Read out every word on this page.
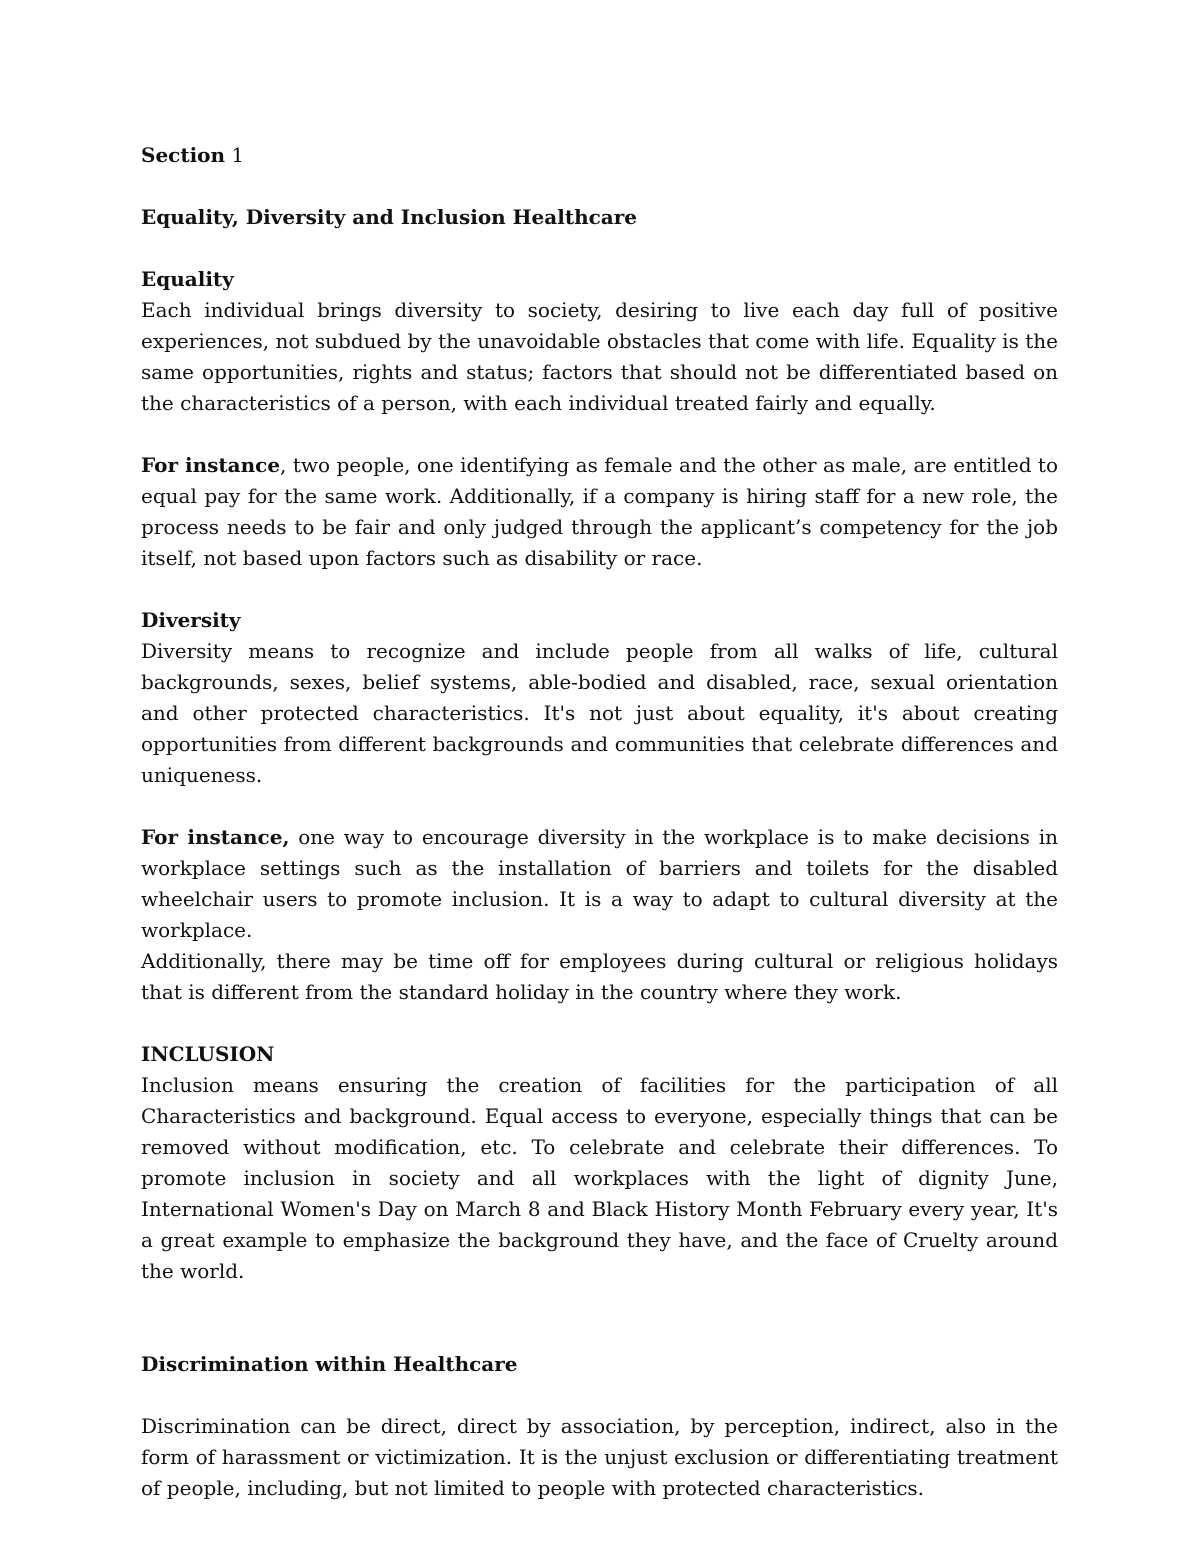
Section 1
Equality, Diversity and Inclusion Healthcare
Equality
Each individual brings diversity to society, desiring to live each day full of positive experiences, not subdued by the unavoidable obstacles that come with life. Equality is the same opportunities, rights and status; factors that should not be differentiated based on the characteristics of a person, with each individual treated fairly and equally.
For instance, two people, one identifying as female and the other as male, are entitled to equal pay for the same work. Additionally, if a company is hiring staff for a new role, the process needs to be fair and only judged through the applicant’s competency for the job itself, not based upon factors such as disability or race.
Diversity
Diversity means to recognize and include people from all walks of life, cultural backgrounds, sexes, belief systems, able-bodied and disabled, race, sexual orientation and other protected characteristics. It's not just about equality, it's about creating opportunities from different backgrounds and communities that celebrate differences and uniqueness.
For instance, one way to encourage diversity in the workplace is to make decisions in workplace settings such as the installation of barriers and toilets for the disabled wheelchair users to promote inclusion. It is a way to adapt to cultural diversity at the workplace.
Additionally, there may be time off for employees during cultural or religious holidays that is different from the standard holiday in the country where they work.
INCLUSION
Inclusion means ensuring the creation of facilities for the participation of all Characteristics and background. Equal access to everyone, especially things that can be removed without modification, etc. To celebrate and celebrate their differences. To promote inclusion in society and all workplaces with the light of dignity June, International Women's Day on March 8 and Black History Month February every year, It's a great example to emphasize the background they have, and the face of Cruelty around the world.
Discrimination within Healthcare
Discrimination can be direct, direct by association, by perception, indirect, also in the form of harassment or victimization. It is the unjust exclusion or differentiating treatment of people, including, but not limited to people with protected characteristics.
